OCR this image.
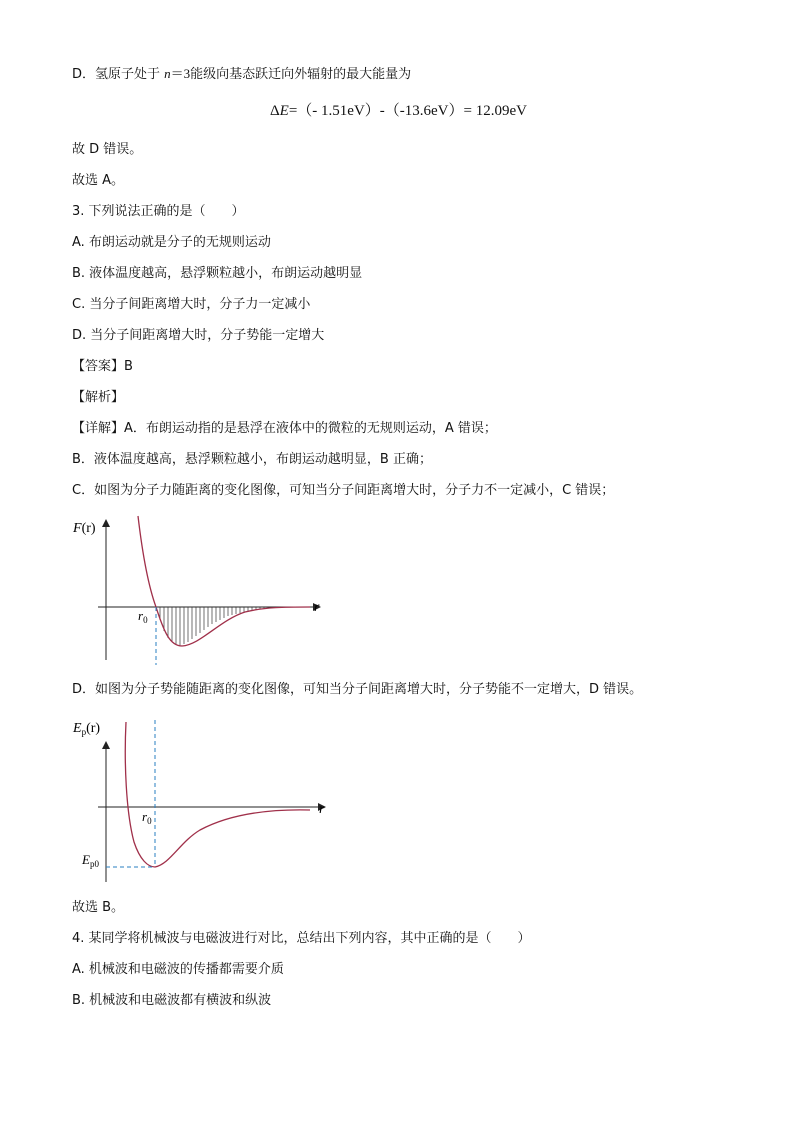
D．氢原子处于 n＝3能级向基态跃迁向外辐射的最大能量为
ΔE=（- 1.51eV）-（-13.6eV）= 12.09eV
故 D 错误。
故选 A。
3. 下列说法正确的是（　　）
A. 布朗运动就是分子的无规则运动
B. 液体温度越高，悬浮颗粒越小，布朗运动越明显
C. 当分子间距离增大时，分子力一定减小
D. 当分子间距离增大时，分子势能一定增大
【答案】B
【解析】
【详解】A．布朗运动指的是悬浮在液体中的微粒的无规则运动，A 错误；
B．液体温度越高，悬浮颗粒越小，布朗运动越明显，B 正确；
C．如图为分子力随距离的变化图像，可知当分子间距离增大时，分子力不一定减小，C 错误；
F(r)
r
$r_0$
D．如图为分子势能随距离的变化图像，可知当分子间距离增大时，分子势能不一定增大，D 错误。
$E_p(r)$
r
$r_0$
$E_{p0}$
故选 B。
4. 某同学将机械波与电磁波进行对比，总结出下列内容，其中正确的是（　　）
A. 机械波和电磁波的传播都需要介质
B. 机械波和电磁波都有横波和纵波
